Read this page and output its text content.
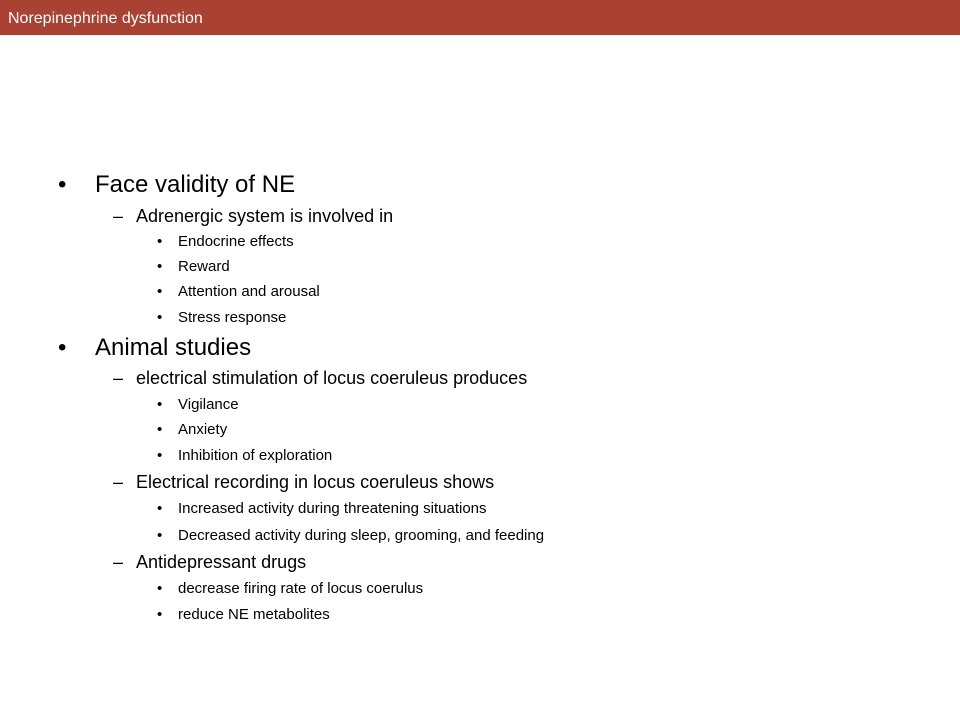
Norepinephrine dysfunction
• Face validity of NE
– Adrenergic system is involved in
• Endocrine effects
• Reward
• Attention and arousal
• Stress response
• Animal studies
– electrical stimulation of locus coeruleus produces
• Vigilance
• Anxiety
• Inhibition of exploration
– Electrical recording in locus coeruleus shows
• Increased activity during threatening situations
• Decreased activity during sleep, grooming, and feeding
– Antidepressant drugs
• decrease firing rate of locus coerulus
• reduce NE metabolites
